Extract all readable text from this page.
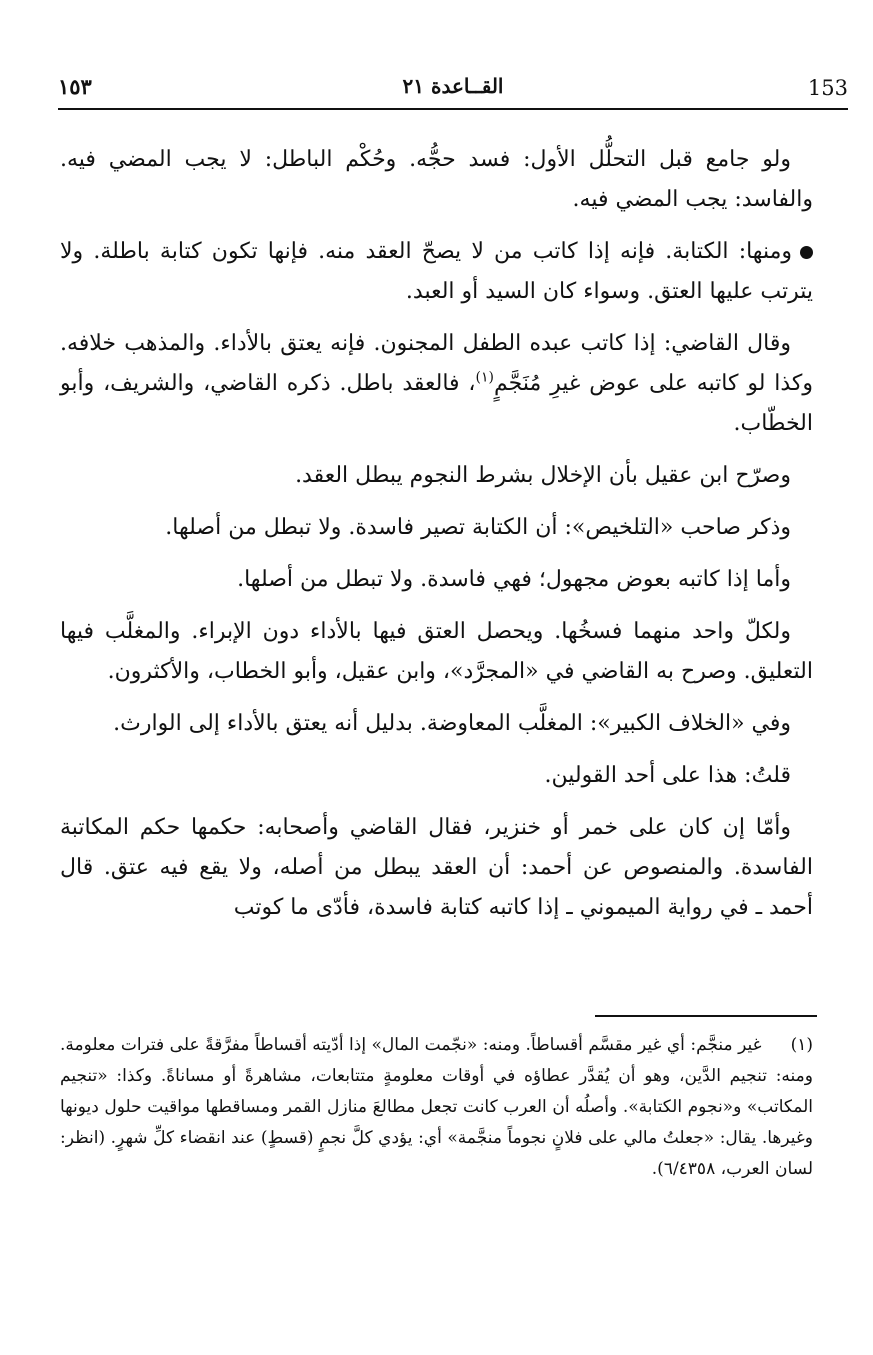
153
القــاعدة ٢١
١٥٣

ولو جامع قبل التحلُّل الأول: فسد حجُّه. وحُكْم الباطل: لا يجب المضي فيه. والفاسد: يجب المضي فيه.

ومنها: الكتابة. فإنه إذا كاتب من لا يصحّ العقد منه. فإنها تكون كتابة باطلة. ولا يترتب عليها العتق. وسواء كان السيد أو العبد.

وقال القاضي: إذا كاتب عبده الطفل المجنون. فإنه يعتق بالأداء. والمذهب خلافه. وكذا لو كاتبه على عوض غيرِ مُنَجَّمٍ$^{(١)}$، فالعقد باطل. ذكره القاضي، والشريف، وأبو الخطّاب.

وصرّح ابن عقيل بأن الإخلال بشرط النجوم يبطل العقد.

وذكر صاحب «التلخيص»: أن الكتابة تصير فاسدة. ولا تبطل من أصلها.

وأما إذا كاتبه بعوض مجهول؛ فهي فاسدة. ولا تبطل من أصلها.

ولكلّ واحد منهما فسخُها. ويحصل العتق فيها بالأداء دون الإبراء. والمغلَّب فيها التعليق. وصرح به القاضي في «المجرَّد»، وابن عقيل، وأبو الخطاب، والأكثرون.

وفي «الخلاف الكبير»: المغلَّب المعاوضة. بدليل أنه يعتق بالأداء إلى الوارث.

قلتُ: هذا على أحد القولين.

وأمّا إن كان على خمر أو خنزير، فقال القاضي وأصحابه: حكمها حكم المكاتبة الفاسدة. والمنصوص عن أحمد: أن العقد يبطل من أصله، ولا يقع فيه عتق. قال أحمد ـ في رواية الميموني ـ إذا كاتبه كتابة فاسدة، فأدّى ما كوتب

(١) غير منجَّم: أي غير مقسَّم أقساطاً. ومنه: «نجّمت المال» إذا أدّيته أقساطاً مفرَّقةً على فترات معلومة. ومنه: تنجيم الدَّين، وهو أن يُقدَّر عطاؤه في أوقات معلومةٍ متتابعات، مشاهرةً أو مساناةً. وكذا: «تنجيم المكاتب» و«نجوم الكتابة». وأصلُه أن العرب كانت تجعل مطالعَ منازل القمر ومساقطها مواقيت حلول ديونها وغيرها. يقال: «جعلتُ مالي على فلانٍ نجوماً منجَّمة» أي: يؤدي كلَّ نجمٍ (قسطٍ) عند انقضاء كلِّ شهرٍ. (انظر: لسان العرب، ٦/٤٣٥٨).
